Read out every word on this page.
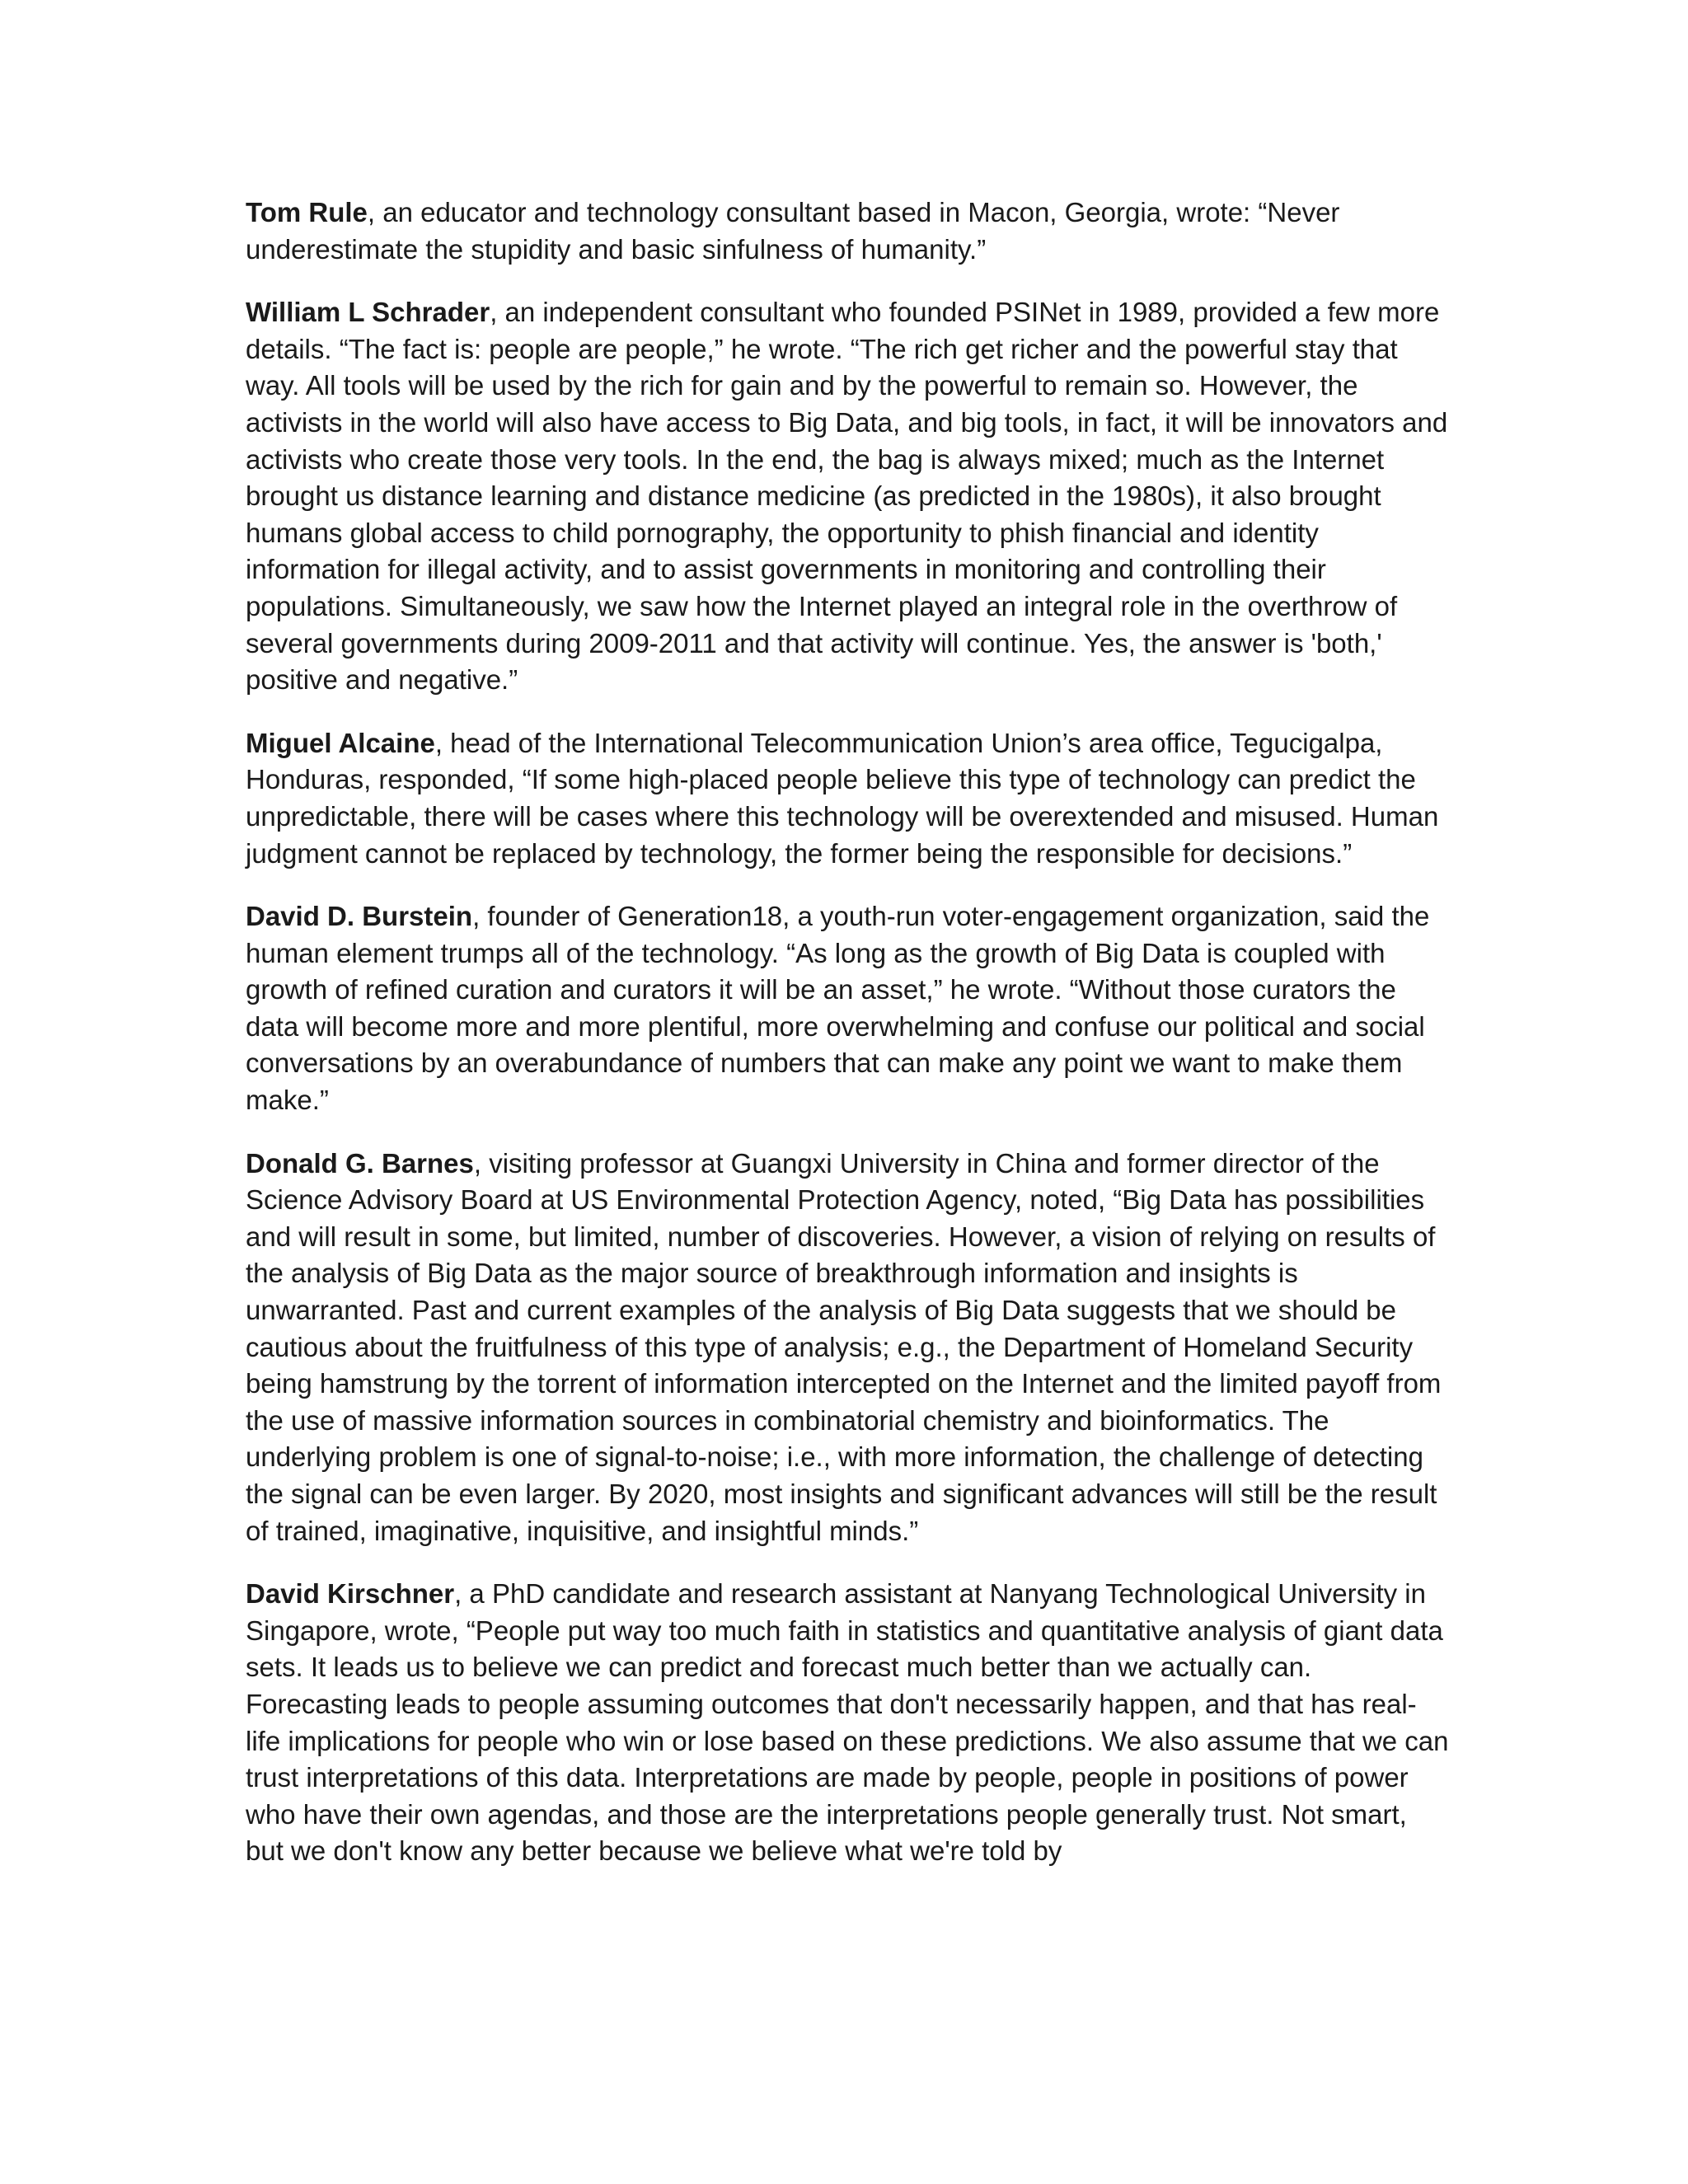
Tom Rule, an educator and technology consultant based in Macon, Georgia, wrote: “Never underestimate the stupidity and basic sinfulness of humanity.”

William L Schrader, an independent consultant who founded PSINet in 1989, provided a few more details. “The fact is: people are people,” he wrote. “The rich get richer and the powerful stay that way. All tools will be used by the rich for gain and by the powerful to remain so. However, the activists in the world will also have access to Big Data, and big tools, in fact, it will be innovators and activists who create those very tools. In the end, the bag is always mixed; much as the Internet brought us distance learning and distance medicine (as predicted in the 1980s), it also brought humans global access to child pornography, the opportunity to phish financial and identity information for illegal activity, and to assist governments in monitoring and controlling their populations. Simultaneously, we saw how the Internet played an integral role in the overthrow of several governments during 2009-2011 and that activity will continue. Yes, the answer is 'both,' positive and negative.”

Miguel Alcaine, head of the International Telecommunication Union’s area office, Tegucigalpa, Honduras, responded, “If some high-placed people believe this type of technology can predict the unpredictable, there will be cases where this technology will be overextended and misused. Human judgment cannot be replaced by technology, the former being the responsible for decisions.”

David D. Burstein, founder of Generation18, a youth-run voter-engagement organization, said the human element trumps all of the technology. “As long as the growth of Big Data is coupled with growth of refined curation and curators it will be an asset,” he wrote. “Without those curators the data will become more and more plentiful, more overwhelming and confuse our political and social conversations by an overabundance of numbers that can make any point we want to make them make.”

Donald G. Barnes, visiting professor at Guangxi University in China and former director of the Science Advisory Board at US Environmental Protection Agency, noted, “Big Data has possibilities and will result in some, but limited, number of discoveries. However, a vision of relying on results of the analysis of Big Data as the major source of breakthrough information and insights is unwarranted. Past and current examples of the analysis of Big Data suggests that we should be cautious about the fruitfulness of this type of analysis; e.g., the Department of Homeland Security being hamstrung by the torrent of information intercepted on the Internet and the limited payoff from the use of massive information sources in combinatorial chemistry and bioinformatics. The underlying problem is one of signal-to-noise; i.e., with more information, the challenge of detecting the signal can be even larger. By 2020, most insights and significant advances will still be the result of trained, imaginative, inquisitive, and insightful minds.”

David Kirschner, a PhD candidate and research assistant at Nanyang Technological University in Singapore, wrote, “People put way too much faith in statistics and quantitative analysis of giant data sets. It leads us to believe we can predict and forecast much better than we actually can. Forecasting leads to people assuming outcomes that don't necessarily happen, and that has real-life implications for people who win or lose based on these predictions. We also assume that we can trust interpretations of this data. Interpretations are made by people, people in positions of power who have their own agendas, and those are the interpretations people generally trust. Not smart, but we don't know any better because we believe what we're told by
